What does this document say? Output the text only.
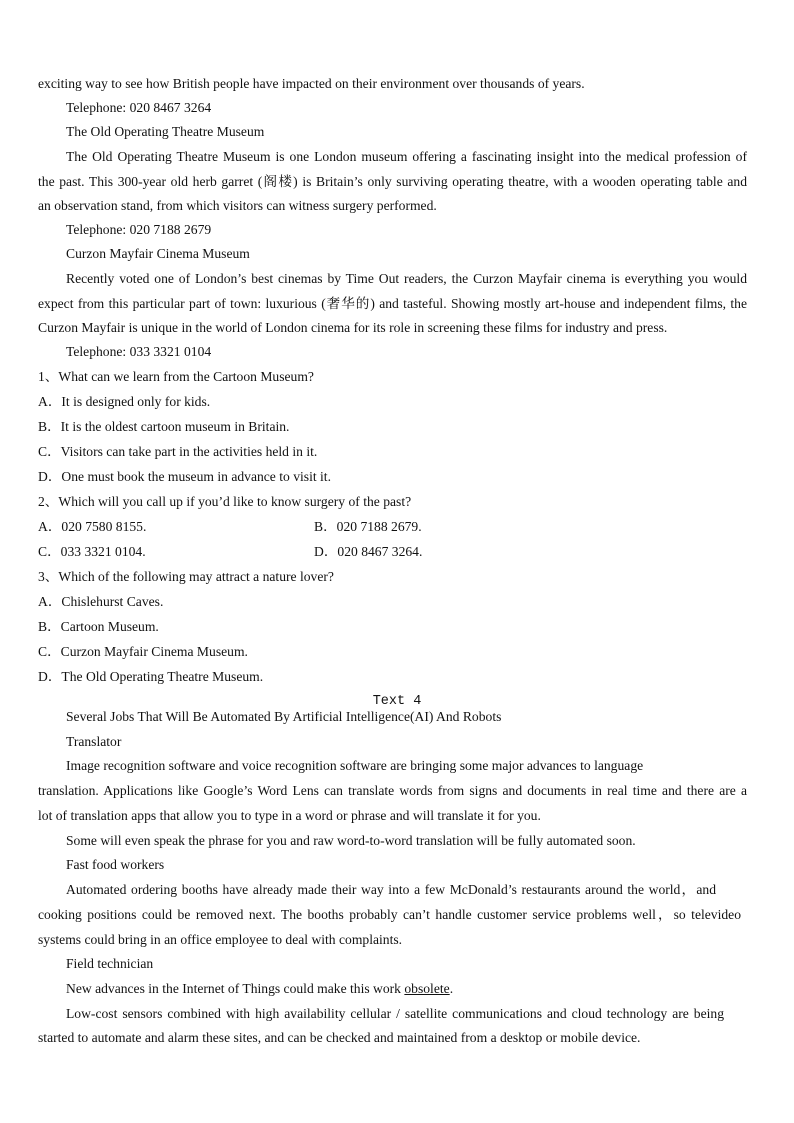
exciting way to see how British people have impacted on their environment over thousands of years.
Telephone: 020 8467 3264
The Old Operating Theatre Museum
The Old Operating Theatre Museum is one London museum offering a fascinating insight into the medical profession of
the past. This 300-year old herb garret (阁楼) is Britain’s only surviving operating theatre, with a wooden operating table and
an observation stand, from which visitors can witness surgery performed.
Telephone: 020 7188 2679
Curzon Mayfair Cinema Museum
Recently voted one of London’s best cinemas by Time Out readers, the Curzon Mayfair cinema is everything you would
expect from this particular part of town: luxurious (奢华的) and tasteful. Showing mostly art-house and independent films, the
Curzon Mayfair is unique in the world of London cinema for its role in screening these films for industry and press.
Telephone: 033 3321 0104
1、What can we learn from the Cartoon Museum?
A．It is designed only for kids.
B．It is the oldest cartoon museum in Britain.
C．Visitors can take part in the activities held in it.
D．One must book the museum in advance to visit it.
2、Which will you call up if you’d like to know surgery of the past?
A．020 7580 8155.	B．020 7188 2679.
C．033 3321 0104.	D．020 8467 3264.
3、Which of the following may attract a nature lover?
A．Chislehurst Caves.
B．Cartoon Museum.
C．Curzon Mayfair Cinema Museum.
D．The Old Operating Theatre Museum.
Text 4
Several Jobs That Will Be Automated By Artificial Intelligence(AI) And Robots
Translator
Image recognition software and voice recognition software are bringing some major advances to language
translation. Applications like Google’s Word Lens can translate words from signs and documents in real time and there are a
lot of translation apps that allow you to type in a word or phrase and will translate it for you.
Some will even speak the phrase for you and raw word-to-word translation will be fully automated soon.
Fast food workers
Automated ordering booths have already made their way into a few McDonald’s restaurants around the world，and
cooking positions could be removed next. The booths probably can’t handle customer service problems well，so televideo
systems could bring in an office employee to deal with complaints.
Field technician
New advances in the Internet of Things could make this work obsolete.
Low-cost sensors combined with high availability cellular / satellite communications and cloud technology are being
started to automate and alarm these sites, and can be checked and maintained from a desktop or mobile device.
